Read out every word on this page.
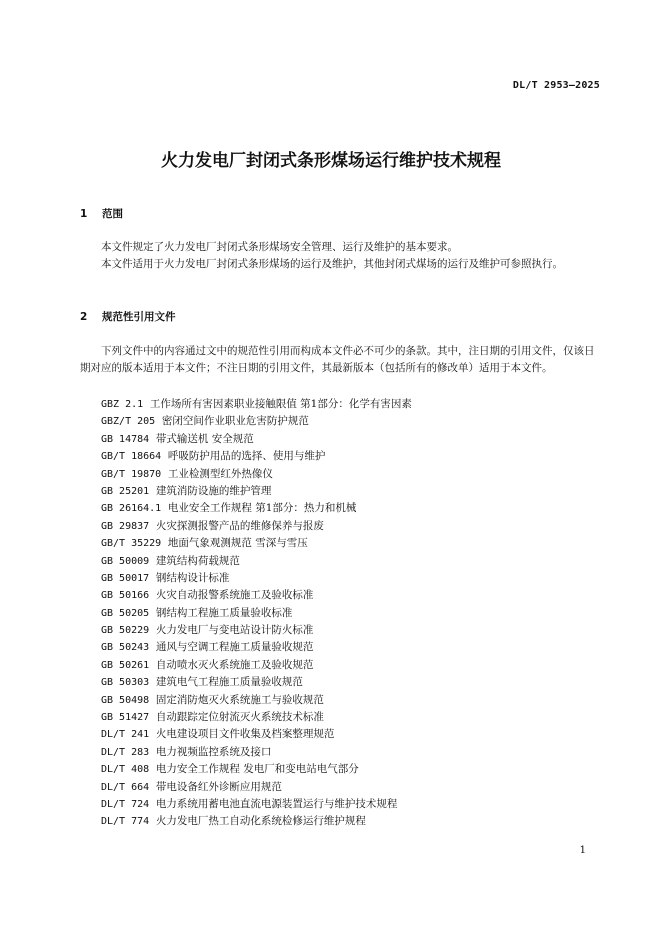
DL/T 2953—2025
火力发电厂封闭式条形煤场运行维护技术规程
1 范围

本文件规定了火力发电厂封闭式条形煤场安全管理、运行及维护的基本要求。

本文件适用于火力发电厂封闭式条形煤场的运行及维护，其他封闭式煤场的运行及维护可参照执行。

2 规范性引用文件

下列文件中的内容通过文中的规范性引用而构成本文件必不可少的条款。其中，注日期的引用文件，仅该日期对应的版本适用于本文件；不注日期的引用文件，其最新版本（包括所有的修改单）适用于本文件。

GBZ 2.1 工作场所有害因素职业接触限值 第1部分：化学有害因素
GBZ/T 205 密闭空间作业职业危害防护规范
GB 14784 带式输送机 安全规范
GB/T 18664 呼吸防护用品的选择、使用与维护
GB/T 19870 工业检测型红外热像仪
GB 25201 建筑消防设施的维护管理
GB 26164.1 电业安全工作规程 第1部分：热力和机械
GB 29837 火灾探测报警产品的维修保养与报废
GB/T 35229 地面气象观测规范 雪深与雪压
GB 50009 建筑结构荷载规范
GB 50017 钢结构设计标准
GB 50166 火灾自动报警系统施工及验收标准
GB 50205 钢结构工程施工质量验收标准
GB 50229 火力发电厂与变电站设计防火标准
GB 50243 通风与空调工程施工质量验收规范
GB 50261 自动喷水灭火系统施工及验收规范
GB 50303 建筑电气工程施工质量验收规范
GB 50498 固定消防炮灭火系统施工与验收规范
GB 51427 自动跟踪定位射流灭火系统技术标准
DL/T 241 火电建设项目文件收集及档案整理规范
DL/T 283 电力视频监控系统及接口
DL/T 408 电力安全工作规程 发电厂和变电站电气部分
DL/T 664 带电设备红外诊断应用规范
DL/T 724 电力系统用蓄电池直流电源装置运行与维护技术规程
DL/T 774 火力发电厂热工自动化系统检修运行维护规程
1
